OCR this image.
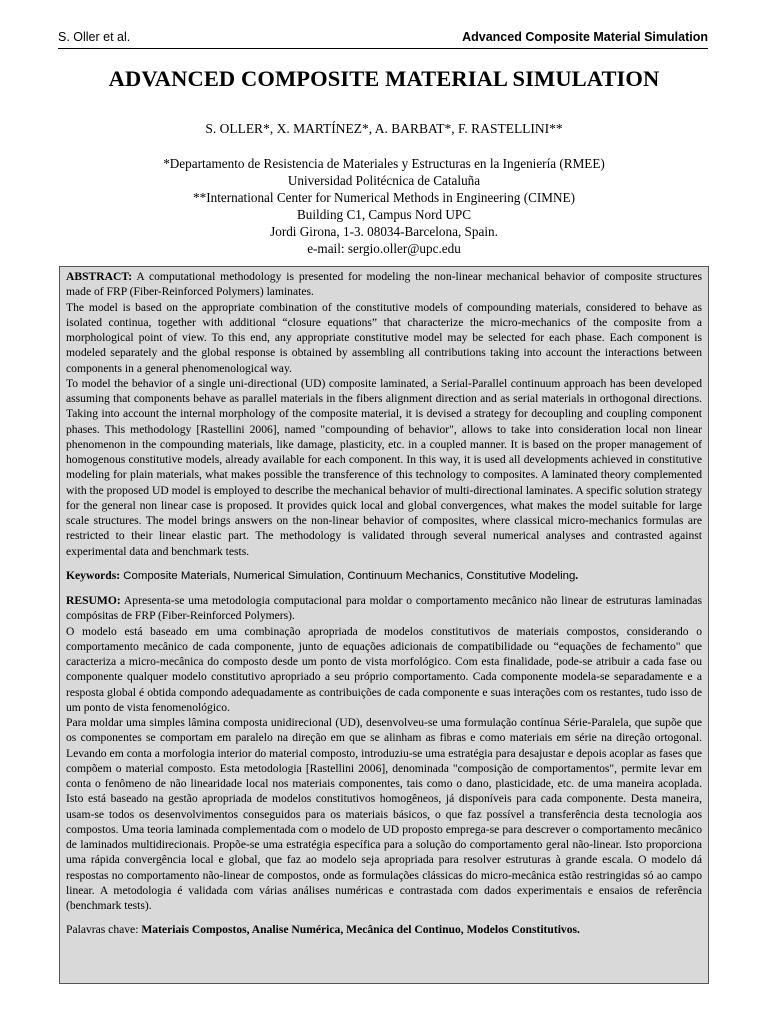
S. Oller et al.	Advanced Composite Material Simulation
ADVANCED COMPOSITE MATERIAL SIMULATION
S. OLLER*, X. MARTÍNEZ*, A. BARBAT*, F. RASTELLINI**
*Departamento de Resistencia de Materiales y Estructuras en la Ingeniería (RMEE)
Universidad Politécnica de Cataluña
**International Center for Numerical Methods in Engineering (CIMNE)
Building C1, Campus Nord UPC
Jordi Girona, 1-3. 08034-Barcelona, Spain.
e-mail: sergio.oller@upc.edu

ABSTRACT: A computational methodology is presented for modeling the non-linear mechanical behavior of composite structures made of FRP (Fiber-Reinforced Polymers) laminates.

The model is based on the appropriate combination of the constitutive models of compounding materials, considered to behave as isolated continua, together with additional “closure equations” that characterize the micro-mechanics of the composite from a morphological point of view. To this end, any appropriate constitutive model may be selected for each phase. Each component is modeled separately and the global response is obtained by assembling all contributions taking into account the interactions between components in a general phenomenological way.

To model the behavior of a single uni-directional (UD) composite laminated, a Serial-Parallel continuum approach has been developed assuming that components behave as parallel materials in the fibers alignment direction and as serial materials in orthogonal directions. Taking into account the internal morphology of the composite material, it is devised a strategy for decoupling and coupling component phases. This methodology [Rastellini 2006], named "compounding of behavior", allows to take into consideration local non linear phenomenon in the compounding materials, like damage, plasticity, etc. in a coupled manner. It is based on the proper management of homogenous constitutive models, already available for each component. In this way, it is used all developments achieved in constitutive modeling for plain materials, what makes possible the transference of this technology to composites. A laminated theory complemented with the proposed UD model is employed to describe the mechanical behavior of multi-directional laminates. A specific solution strategy for the general non linear case is proposed. It provides quick local and global convergences, what makes the model suitable for large scale structures. The model brings answers on the non-linear behavior of composites, where classical micro-mechanics formulas are restricted to their linear elastic part. The methodology is validated through several numerical analyses and contrasted against experimental data and benchmark tests.

Keywords: Composite Materials, Numerical Simulation, Continuum Mechanics, Constitutive Modeling.

RESUMO: Apresenta-se uma metodologia computacional para moldar o comportamento mecânico não linear de estruturas laminadas compósitas de FRP (Fiber-Reinforced Polymers).

O modelo está baseado em uma combinação apropriada de modelos constitutivos de materiais compostos, considerando o comportamento mecânico de cada componente, junto de equações adicionais de compatibilidade ou “equações de fechamento" que caracteriza a micro-mecânica do composto desde um ponto de vista morfológico. Com esta finalidade, pode-se atribuir a cada fase ou componente qualquer modelo constitutivo apropriado a seu próprio comportamento. Cada componente modela-se separadamente e a resposta global é obtida compondo adequadamente as contribuições de cada componente e suas interações com os restantes, tudo isso de um ponto de vista fenomenológico.

Para moldar uma simples lâmina composta unidirecional (UD), desenvolveu-se uma formulação contínua Série-Paralela, que supõe que os componentes se comportam em paralelo na direção em que se alinham as fibras e como materiais em série na direção ortogonal. Levando em conta a morfologia interior do material composto, introduziu-se uma estratégia para desajustar e depois acoplar as fases que compõem o material composto. Esta metodologia [Rastellini 2006], denominada "composição de comportamentos", permite levar em conta o fenômeno de não linearidade local nos materiais componentes, tais como o dano, plasticidade, etc. de uma maneira acoplada. Isto está baseado na gestão apropriada de modelos constitutivos homogêneos, já disponíveis para cada componente. Desta maneira, usam-se todos os desenvolvimentos conseguidos para os materiais básicos, o que faz possível a transferência desta tecnologia aos compostos. Uma teoria laminada complementada com o modelo de UD proposto emprega-se para descrever o comportamento mecânico de laminados multidirecionais. Propõe-se uma estratégia específica para a solução do comportamento geral não-linear. Isto proporciona uma rápida convergência local e global, que faz ao modelo seja apropriada para resolver estruturas à grande escala. O modelo dá respostas no comportamento não-linear de compostos, onde as formulações clássicas do micro-mecânica estão restringidas só ao campo linear. A metodologia é validada com várias análises numéricas e contrastada com dados experimentais e ensaios de referência (benchmark tests).

Palavras chave: Materiais Compostos, Analise Numérica, Mecânica del Continuo, Modelos Constitutivos.
